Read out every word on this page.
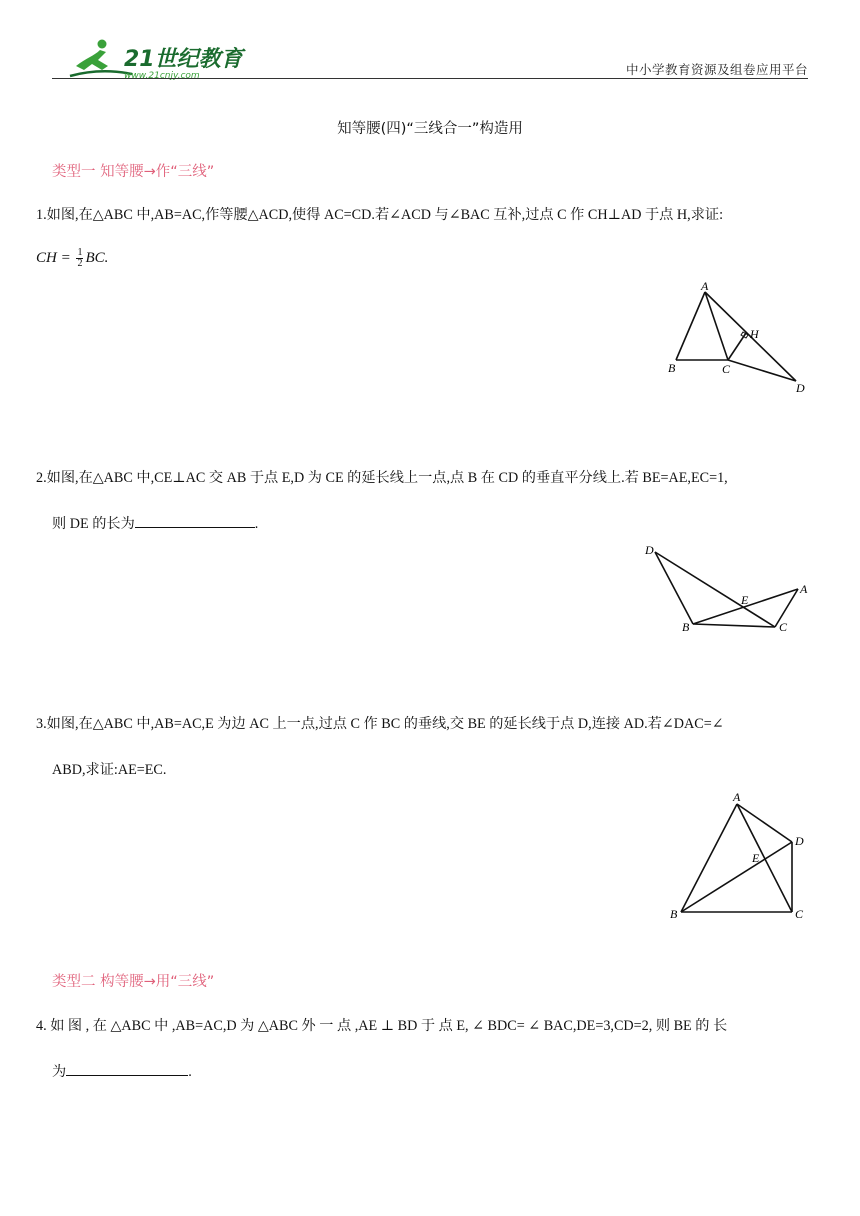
21世纪教育
www.21cnjy.com	中小学教育资源及组卷应用平台
知等腰(四)“三线合一”构造用
类型一 知等腰→作“三线”
1.如图,在△ABC 中,AB=AC,作等腰△ACD,使得 AC=CD.若∠ACD 与∠BAC 互补,过点 C 作 CH⊥AD 于点 H,求证:
CH = $\frac{1}{2}$ BC.
A
B	C
D
H
2.如图,在△ABC 中,CE⊥AC 交 AB 于点 E,D 为 CE 的延长线上一点,点 B 在 CD 的垂直平分线上.若 BE=AE,EC=1,
则 DE 的长为	.
D
B	C
A
E
3.如图,在△ABC 中,AB=AC,E 为边 AC 上一点,过点 C 作 BC 的垂线,交 BE 的延长线于点 D,连接 AD.若∠DAC=∠
ABD,求证:AE=EC.
A
B	C
D
E
类型二 构等腰→用“三线”
4. 如 图 , 在 △ABC 中 ,AB=AC,D 为 △ABC 外 一 点 ,AE ⊥ BD 于 点 E, ∠ BDC= ∠ BAC,DE=3,CD=2, 则 BE 的 长
为	.
